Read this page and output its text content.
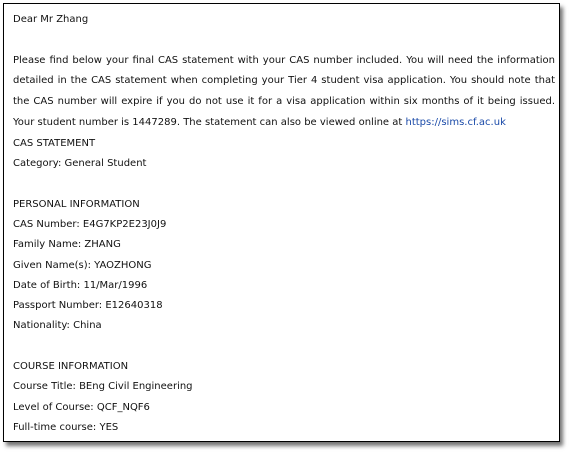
Dear Mr Zhang

Please find below your final CAS statement with your CAS number included. You will need the information detailed in the CAS statement when completing your Tier 4 student visa application. You should note that the CAS number will expire if you do not use it for a visa application within six months of it being issued. Your student number is 1447289. The statement can also be viewed online at https://sims.cf.ac.uk

CAS STATEMENT
Category: General Student
PERSONAL INFORMATION
CAS Number: E4G7KP2E23J0J9
Family Name: ZHANG
Given Name(s): YAOZHONG
Date of Birth: 11/Mar/1996
Passport Number: E12640318
Nationality: China
COURSE INFORMATION
Course Title: BEng Civil Engineering
Level of Course: QCF_NQF6
Full-time course: YES
